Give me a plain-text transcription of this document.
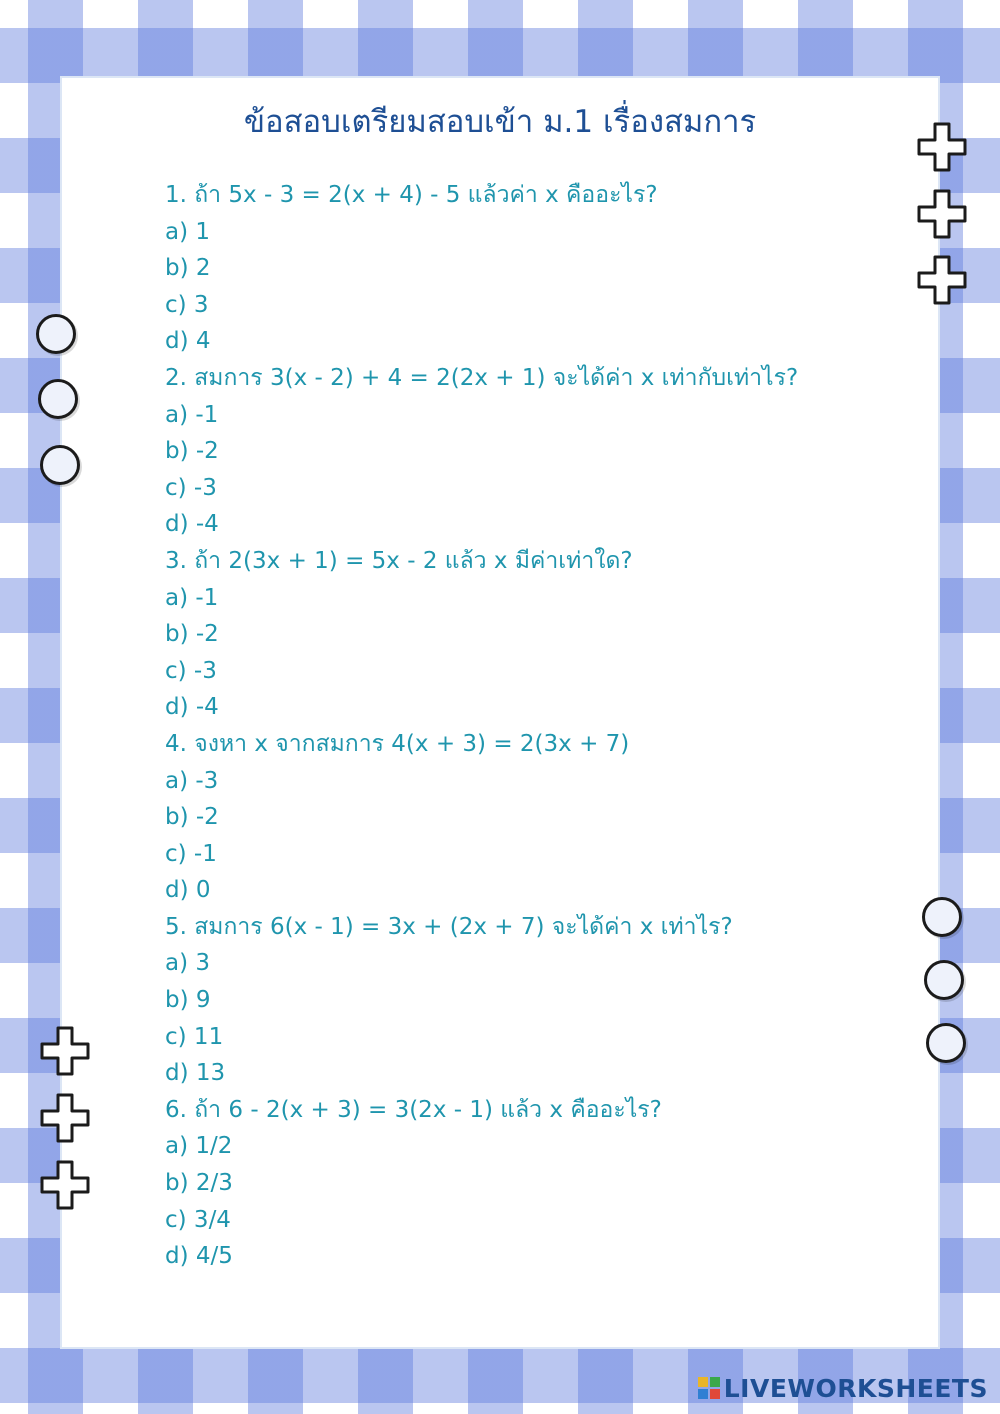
ข้อสอบเตรียมสอบเข้า ม.1 เรื่องสมการ
1. ถ้า 5x - 3 = 2(x + 4) - 5 แล้วค่า x คืออะไร?
a) 1
b) 2
c) 3
d) 4
2. สมการ 3(x - 2) + 4 = 2(2x + 1) จะได้ค่า x เท่ากับเท่าไร?
a) -1
b) -2
c) -3
d) -4
3. ถ้า 2(3x + 1) = 5x - 2 แล้ว x มีค่าเท่าใด?
a) -1
b) -2
c) -3
d) -4
4. จงหา x จากสมการ 4(x + 3) = 2(3x + 7)
a) -3
b) -2
c) -1
d) 0
5. สมการ 6(x - 1) = 3x + (2x + 7) จะได้ค่า x เท่าไร?
a) 3
b) 9
c) 11
d) 13
6. ถ้า 6 - 2(x + 3) = 3(2x - 1) แล้ว x คืออะไร?
a) 1/2
b) 2/3
c) 3/4
d) 4/5
LIVEWORKSHEETS
